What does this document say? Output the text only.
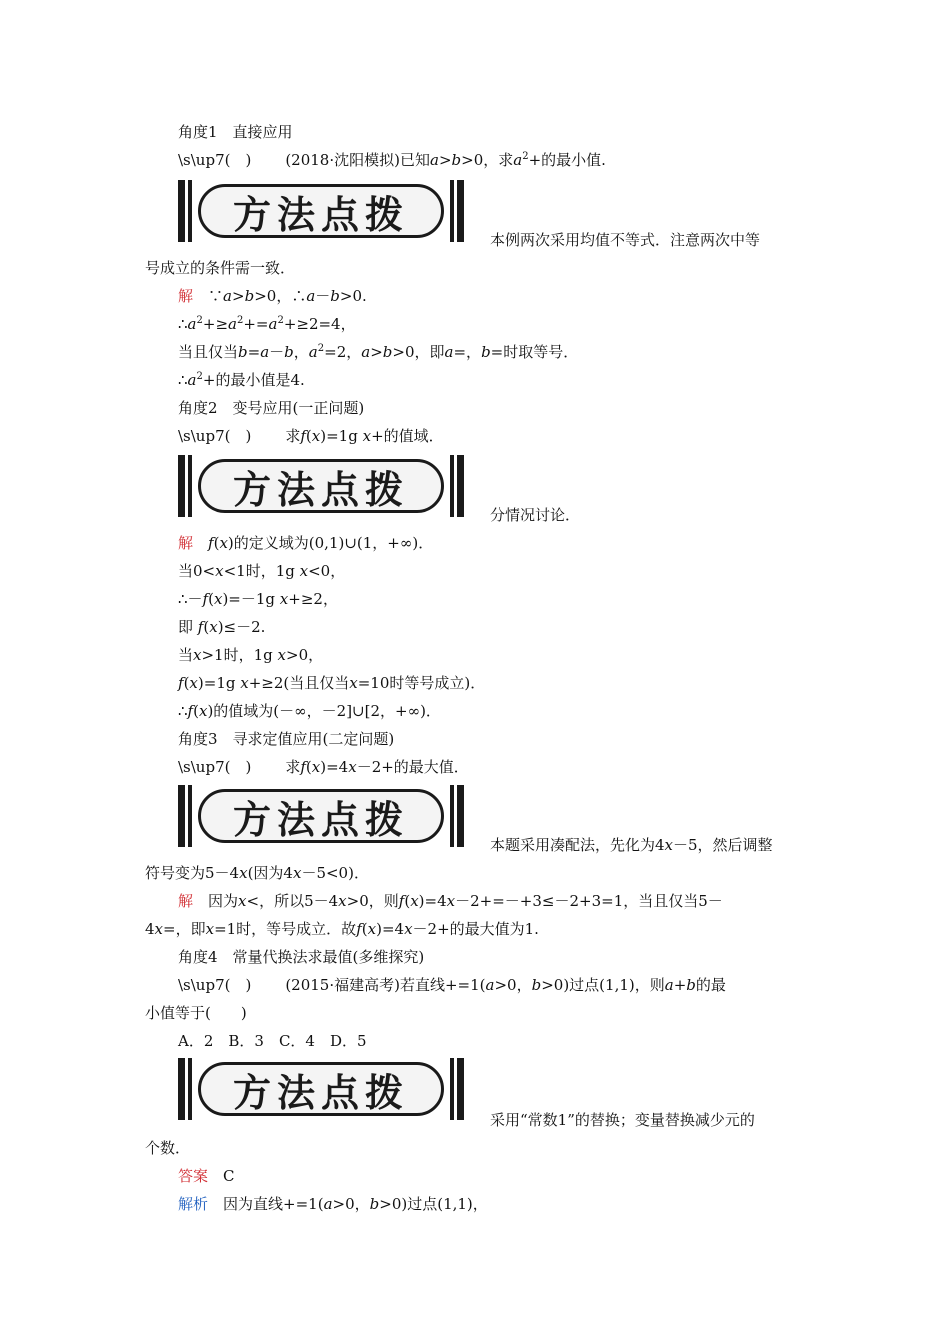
角度1　直接应用
\s\up7(　) (2018·沈阳模拟)已知a>b>0，求$a^2+$的最小值.
方法点拨
本例两次采用均值不等式．注意两次中等
号成立的条件需一致．
解　 ∵a>b>0，∴a－b>0.
$\therefore a^2+\ge a^2+=a^2+\ge 2=4$，
当且仅当b=a－b，$a^2=2$，a>b>0，即a=，b=时取等号．
$\therefore a^2+$的最小值是4.
角度2　变号应用(一正问题)
\s\up7(　) 求f(x)=1g x+的值域．
方法点拨
分情况讨论．
解　 f(x)的定义域为(0,1)∪(1，+∞)．
当0<x<1时，1g x<0，
∴－f(x)=－1g x+≥2，
即 f(x)≤－2.
当x>1时，1g x>0，
f(x)=1g x+≥2(当且仅当x=10时等号成立)．
∴f(x)的值域为(－∞，－2]∪[2，+∞)．
角度3　寻求定值应用(二定问题)
\s\up7(　) 求f(x)=4x－2+的最大值．
方法点拨
本题采用凑配法，先化为4x－5，然后调整
符号变为5－4x(因为4x－5<0)．
解　 因为x<，所以5－4x>0，则f(x)=4x－2+=－+3≤－2+3=1，当且仅当5－
4x=，即x=1时，等号成立．故f(x)=4x－2+的最大值为1.
角度4　常量代换法求最值(多维探究)
\s\up7(　) (2015·福建高考)若直线+=1(a>0，b>0)过点(1,1)，则a+b的最
小值等于(　　)
A．2　B．3　C．4　D．5
方法点拨
采用“常数1”的替换；变量替换减少元的
个数．
答案　 C
解析　 因为直线+=1(a>0，b>0)过点(1,1)，
